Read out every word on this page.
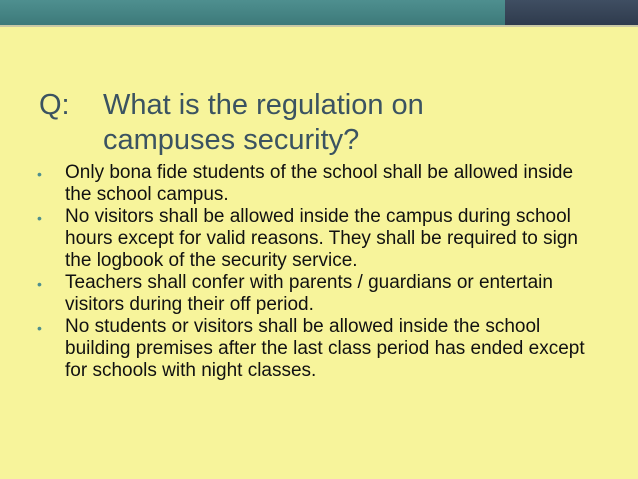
Q:	What is the regulation on campuses security?
•	Only bona fide students of the school shall be allowed inside the school campus.
•	No visitors shall be allowed inside the campus during school hours except for valid reasons. They shall be required to sign the logbook of the security service.
•	Teachers shall confer with parents / guardians or entertain visitors during their off period.
•	No students or visitors shall be allowed inside the school building premises after the last class period has ended except for schools with night classes.
